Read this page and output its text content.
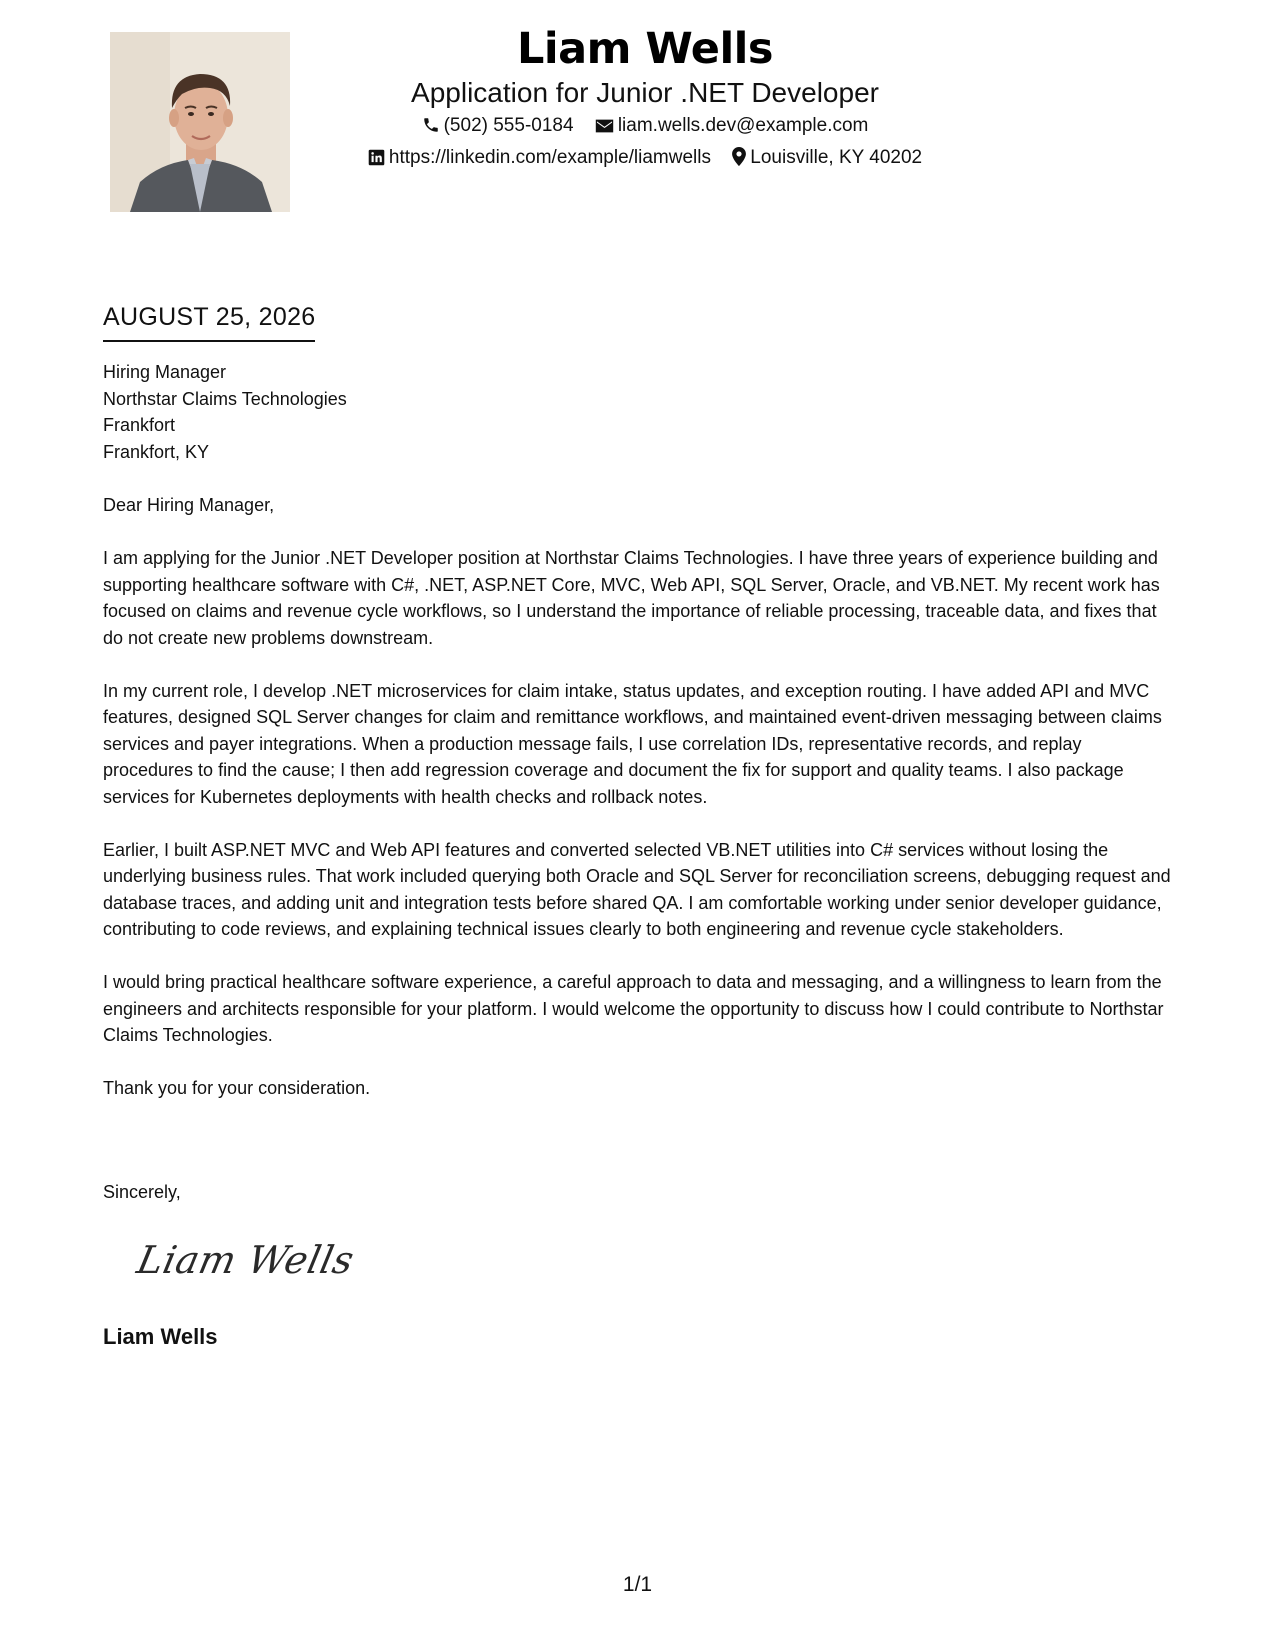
Liam Wells
Application for Junior .NET Developer
(502) 555-0184 liam.wells.dev@example.com
https://linkedin.com/example/liamwells Louisville, KY 40202
AUGUST 25, 2026
Hiring Manager
Northstar Claims Technologies
Frankfort
Frankfort, KY

Dear Hiring Manager,

I am applying for the Junior .NET Developer position at Northstar Claims Technologies. I have three years of experience building and supporting healthcare software with C#, .NET, ASP.NET Core, MVC, Web API, SQL Server, Oracle, and VB.NET. My recent work has focused on claims and revenue cycle workflows, so I understand the importance of reliable processing, traceable data, and fixes that do not create new problems downstream.

In my current role, I develop .NET microservices for claim intake, status updates, and exception routing. I have added API and MVC features, designed SQL Server changes for claim and remittance workflows, and maintained event-driven messaging between claims services and payer integrations. When a production message fails, I use correlation IDs, representative records, and replay procedures to find the cause; I then add regression coverage and document the fix for support and quality teams. I also package services for Kubernetes deployments with health checks and rollback notes.

Earlier, I built ASP.NET MVC and Web API features and converted selected VB.NET utilities into C# services without losing the underlying business rules. That work included querying both Oracle and SQL Server for reconciliation screens, debugging request and database traces, and adding unit and integration tests before shared QA. I am comfortable working under senior developer guidance, contributing to code reviews, and explaining technical issues clearly to both engineering and revenue cycle stakeholders.

I would bring practical healthcare software experience, a careful approach to data and messaging, and a willingness to learn from the engineers and architects responsible for your platform. I would welcome the opportunity to discuss how I could contribute to Northstar Claims Technologies.

Thank you for your consideration.

Sincerely,
Liam Wells
Liam Wells
1/1
